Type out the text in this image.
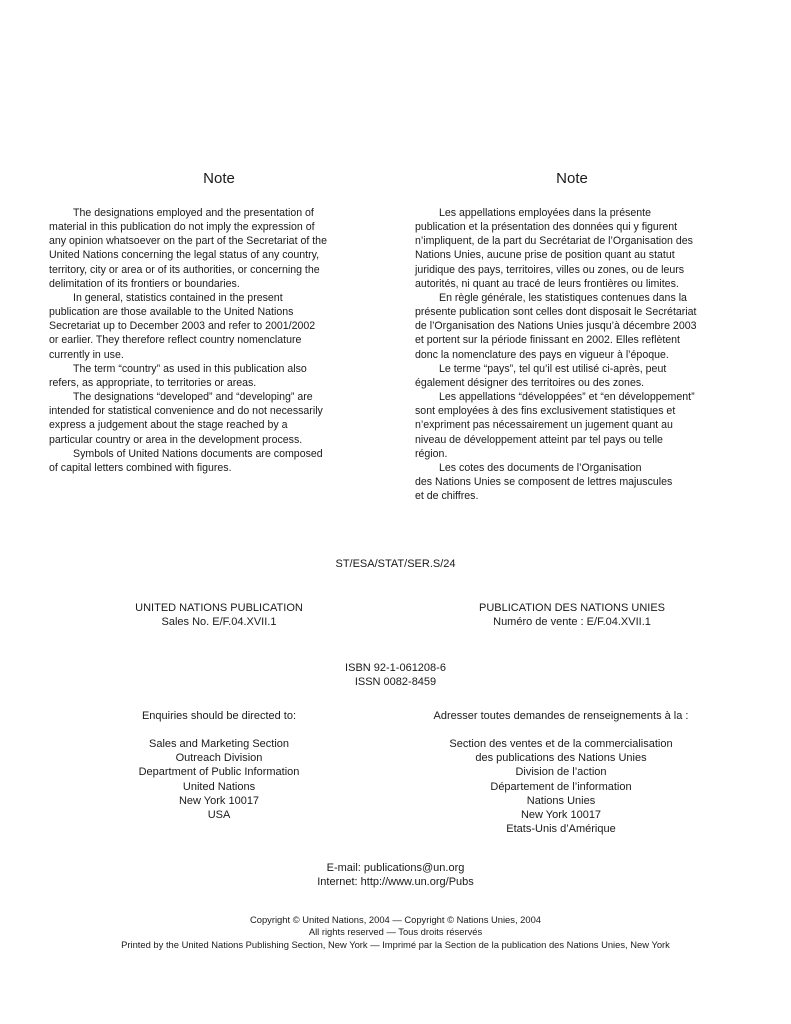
Note	Note

The designations employed and the presentation of

material in this publication do not imply the expression of

any opinion whatsoever on the part of the Secretariat of the

United Nations concerning the legal status of any country,

territory, city or area or of its authorities, or concerning the

delimitation of its frontiers or boundaries.

In general, statistics contained in the present

publication are those available to the United Nations

Secretariat up to December 2003 and refer to 2001/2002

or earlier. They therefore reflect country nomenclature

currently in use.

The term “country” as used in this publication also

refers, as appropriate, to territories or areas.

The designations “developed” and “developing” are

intended for statistical convenience and do not necessarily

express a judgement about the stage reached by a

particular country or area in the development process.

Symbols of United Nations documents are composed

of capital letters combined with figures.

Les appellations employées dans la présente

publication et la présentation des données qui y figurent

n’impliquent, de la part du Secrétariat de l’Organisation des

Nations Unies, aucune prise de position quant au statut

juridique des pays, territoires, villes ou zones, ou de leurs

autorités, ni quant au tracé de leurs frontières ou limites.

En règle générale, les statistiques contenues dans la

présente publication sont celles dont disposait le Secrétariat

de l’Organisation des Nations Unies jusqu’à décembre 2003

et portent sur la période finissant en 2002. Elles reflètent

donc la nomenclature des pays en vigueur à l’époque.

Le terme “pays”, tel qu’il est utilisé ci-après, peut

également désigner des territoires ou des zones.

Les appellations “développées” et “en développement”

sont employées à des fins exclusivement statistiques et

n’expriment pas nécessairement un jugement quant au

niveau de développement atteint par tel pays ou telle

région.

Les cotes des documents de l’Organisation

des Nations Unies se composent de lettres majuscules

et de chiffres.

ST/ESA/STAT/SER.S/24
UNITED NATIONS PUBLICATION
Sales No. E/F.04.XVII.1
PUBLICATION DES NATIONS UNIES
Numéro de vente : E/F.04.XVII.1
ISBN 92-1-061208-6
ISSN 0082-8459
Enquiries should be directed to:	Adresser toutes demandes de renseignements à la :
Sales and Marketing Section
Outreach Division
Department of Public Information
United Nations
New York 10017
USA
Section des ventes et de la commercialisation
des publications des Nations Unies
Division de l’action
Département de l’information
Nations Unies
New York 10017
Etats-Unis d’Amérique
E-mail: publications@un.org
Internet: http://www.un.org/Pubs
Copyright © United Nations, 2004 — Copyright © Nations Unies, 2004
All rights reserved — Tous droits réservés
Printed by the United Nations Publishing Section, New York — Imprimé par la Section de la publication des Nations Unies, New York
